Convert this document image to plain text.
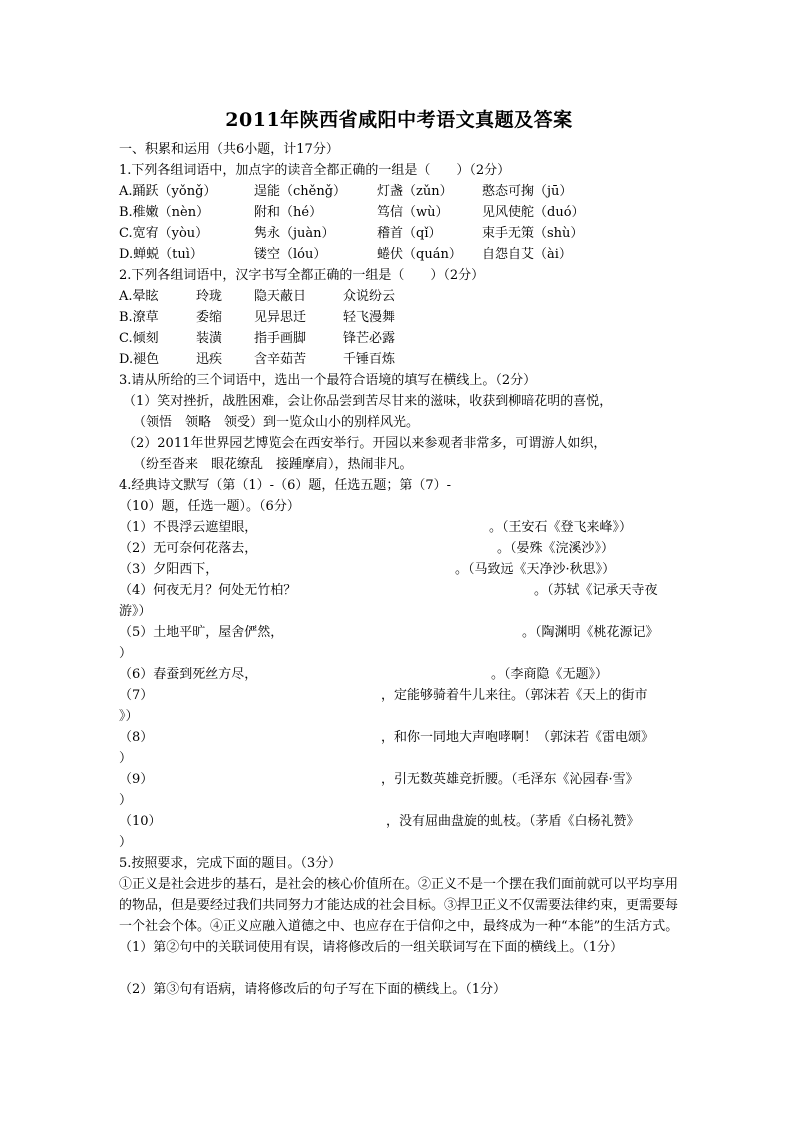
2011年陕西省咸阳中考语文真题及答案
一、积累和运用（共6小题，计17分）
1.下列各组词语中，加点字的读音全都正确的一组是（　　）（2分）
A.踊跃（yǒnǧ）	逞能（chěnǧ） 灯盏（zǔn） 憨态可掬（jū）
B.稚嫩（nèn）	附和（hé）	笃信（wù）	见风使舵（duó）
C.宽宥（yòu）	隽永（juàn）	稽首（qǐ）	束手无策（shù）
D.蝉蜕（tuì）	镂空（lóu）	蜷伏（quán） 自怨自艾（ài）
2.下列各组词语中，汉字书写全都正确的一组是（　　）（2分）
A.晕眩	玲珑 隐天蔽日	众说纷云
B.潦草	委缩 见异思迁	轻飞漫舞
C.倾刻	装潢 指手画脚	锋芒必露
D.褪色	迅疾 含辛茹苦	千锤百炼
3.请从所给的三个词语中，选出一个最符合语境的填写在横线上。（2分）
（1）笑对挫折，战胜困难，会让你品尝到苦尽甘来的滋味，收获到柳暗花明的喜悦，
（领悟　领略　领受）到一览众山小的别样风光。
（2）2011年世界园艺博览会在西安举行。开园以来参观者非常多，可谓游人如织，
（纷至沓来　眼花缭乱　接踵摩肩），热闹非凡。
4.经典诗文默写（第（1）-（6）题，任选五题；第（7）-
（10）题，任选一题）。（6分）
（1）不畏浮云遮望眼，	。（王安石《登飞来峰》）
（2）无可奈何花落去，	。（晏殊《浣溪沙》）
（3）夕阳西下，	。（马致远《天净沙·秋思》）
（4）何夜无月？何处无竹柏？	。（苏轼《记承天寺夜
游》）
（5）土地平旷，屋舍俨然，	。（陶渊明《桃花源记》
）
（6）春蚕到死丝方尽，	。（李商隐《无题》）
（7）	，定能够骑着牛儿来往。（郭沫若《天上的街市
》）
（8）	，和你一同地大声咆哮啊！（郭沫若《雷电颂》
）
（9）	，引无数英雄竞折腰。（毛泽东《沁园春·雪》
）
（10）	，没有屈曲盘旋的虬枝。（茅盾《白杨礼赞》
）
5.按照要求，完成下面的题目。（3分）
①正义是社会进步的基石，是社会的核心价值所在。②正义不是一个摆在我们面前就可以平均享用的物品，但是要经过我们共同努力才能达成的社会目标。③捍卫正义不仅需要法律约束，更需要每一个社会个体。④正义应融入道德之中、也应存在于信仰之中，最终成为一种“本能”的生活方式。
（1）第②句中的关联词使用有误，请将修改后的一组关联词写在下面的横线上。（1分）
（2）第③句有语病，请将修改后的句子写在下面的横线上。（1分）
